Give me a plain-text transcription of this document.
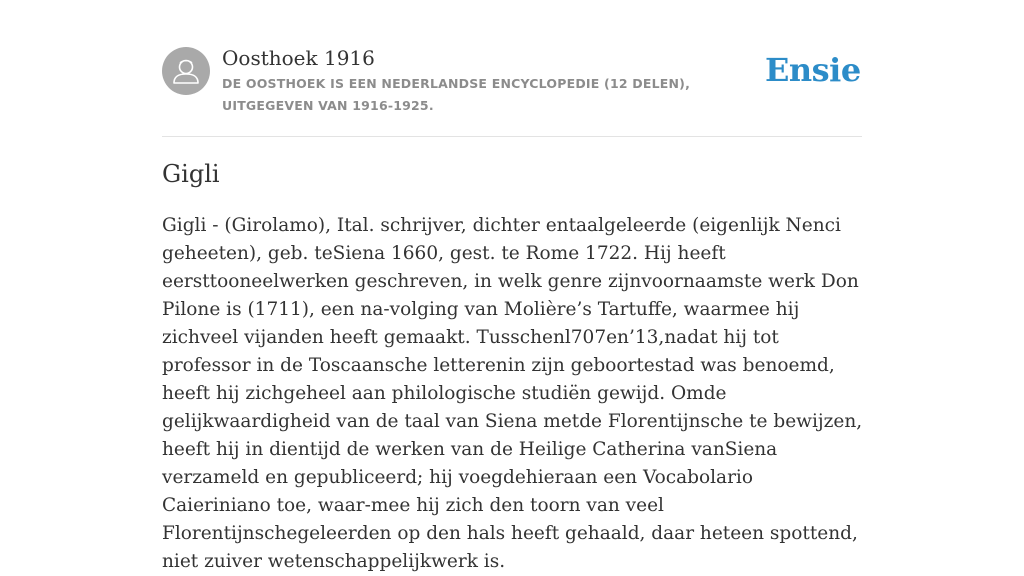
Oosthoek 1916

DE OOSTHOEK IS EEN NEDERLANDSE ENCYCLOPEDIE (12 DELEN), UITGEGEVEN VAN 1916-1925.

Ensie
Gigli

Gigli - (Girolamo), Ital. schrijver, dichter entaalgeleerde (eigenlijk Nenci geheeten), geb. teSiena 1660, gest. te Rome 1722. Hij heeft eersttooneelwerken geschreven, in welk genre zijnvoornaamste werk Don Pilone is (1711), een na-volging van Molière’s Tartuffe, waarmee hij zichveel vijanden heeft gemaakt. Tusschenl707en’13,nadat hij tot professor in de Toscaansche letterenin zijn geboortestad was benoemd, heeft hij zichgeheel aan philologische studiën gewijd. Omde gelijkwaardigheid van de taal van Siena metde Florentijnsche te bewijzen, heeft hij in dientijd de werken van de Heilige Catherina vanSiena verzameld en gepubliceerd; hij voegdehieraan een Vocabolario Caieriniano toe, waar-mee hij zich den toorn van veel Florentijnschegeleerden op den hals heeft gehaald, daar heteen spottend, niet zuiver wetenschappelijkwerk is.
